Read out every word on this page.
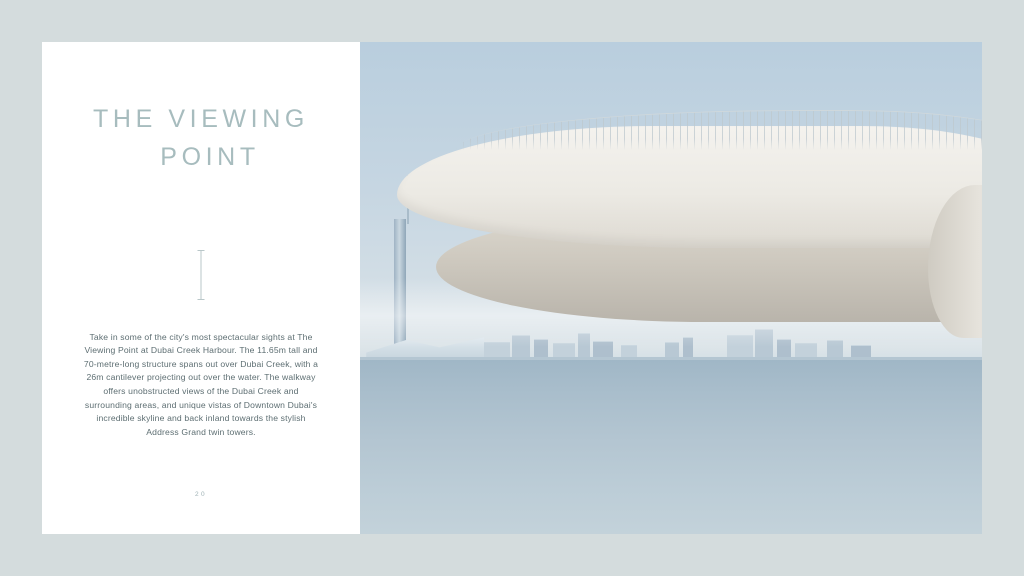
THE VIEWING
POINT

Take in some of the city's most spectacular sights at The Viewing Point at Dubai Creek Harbour. The 11.65m tall and 70-metre-long structure spans out over Dubai Creek, with a 26m cantilever projecting out over the water. The walkway offers unobstructed views of the Dubai Creek and surrounding areas, and unique vistas of Downtown Dubai's incredible skyline and back inland towards the stylish Address Grand twin towers.

20
